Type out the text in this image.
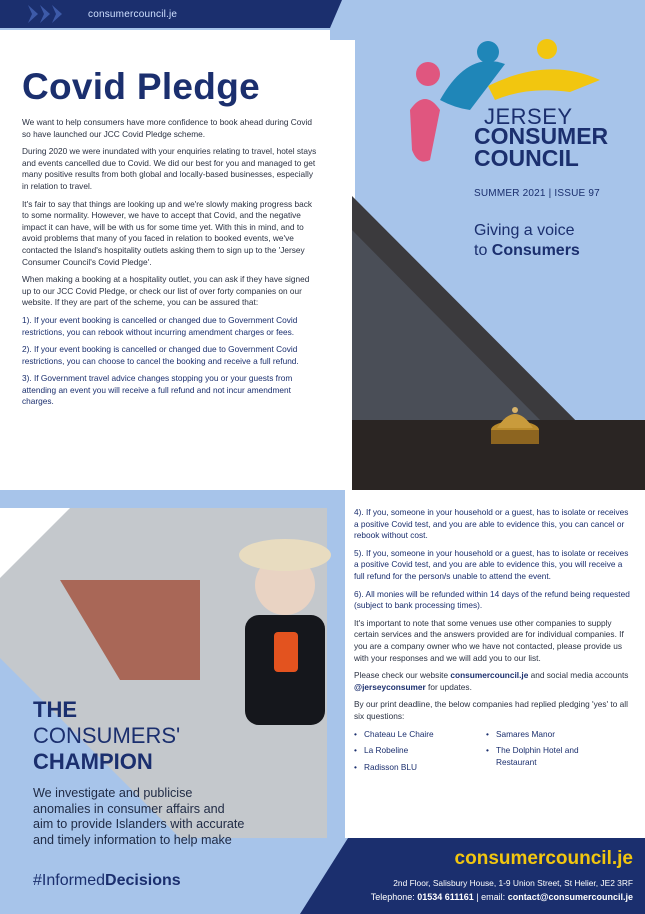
consumercouncil.je
Covid Pledge

We want to help consumers have more confidence to book ahead during Covid so have launched our JCC Covid Pledge scheme.

During 2020 we were inundated with your enquiries relating to travel, hotel stays and events cancelled due to Covid. We did our best for you and managed to get many positive results from both global and locally-based businesses, especially in relation to travel.

It's fair to say that things are looking up and we're slowly making progress back to some normality. However, we have to accept that Covid, and the negative impact it can have, will be with us for some time yet. With this in mind, and to avoid problems that many of you faced in relation to booked events, we've contacted the Island's hospitality outlets asking them to sign up to the 'Jersey Consumer Council's Covid Pledge'.

When making a booking at a hospitality outlet, you can ask if they have signed up to our JCC Covid Pledge, or check our list of over forty companies on our website. If they are part of the scheme, you can be assured that:

1). If your event booking is cancelled or changed due to Government Covid restrictions, you can rebook without incurring amendment charges or fees.

2). If your event booking is cancelled or changed due to Government Covid restrictions, you can choose to cancel the booking and receive a full refund.

3). If Government travel advice changes stopping you or your guests from attending an event you will receive a full refund and not incur amendment charges.

JERSEY
CONSUMER
COUNCIL
SUMMER 2021 | ISSUE 97
Giving a voice
to Consumers

4). If you, someone in your household or a guest, has to isolate or receives a positive Covid test, and you are able to evidence this, you can cancel or rebook without cost.

5). If you, someone in your household or a guest, has to isolate or receives a positive Covid test, and you are able to evidence this, you will receive a full refund for the person/s unable to attend the event.

6). All monies will be refunded within 14 days of the refund being requested (subject to bank processing times).

It's important to note that some venues use other companies to supply certain services and the answers provided are for individual companies. If you are a company owner who we have not contacted, please provide us with your responses and we will add you to our list.

Please check our website consumercouncil.je and social media accounts @jerseyconsumer for updates.

By our print deadline, the below companies had replied pledging 'yes' to all six questions:

• Chateau Le Chaire
• La Robeline
• Radisson BLU
• Samares Manor
• The Dolphin Hotel and Restaurant
THE
CONSUMERS'
CHAMPION
We investigate and publicise anomalies in consumer affairs and aim to provide Islanders with accurate and timely information to help make
#InformedDecisions
consumercouncil.je
2nd Floor, Salisbury House, 1-9 Union Street, St Helier, JE2 3RF
Telephone: 01534 611161 | email: contact@consumercouncil.je
